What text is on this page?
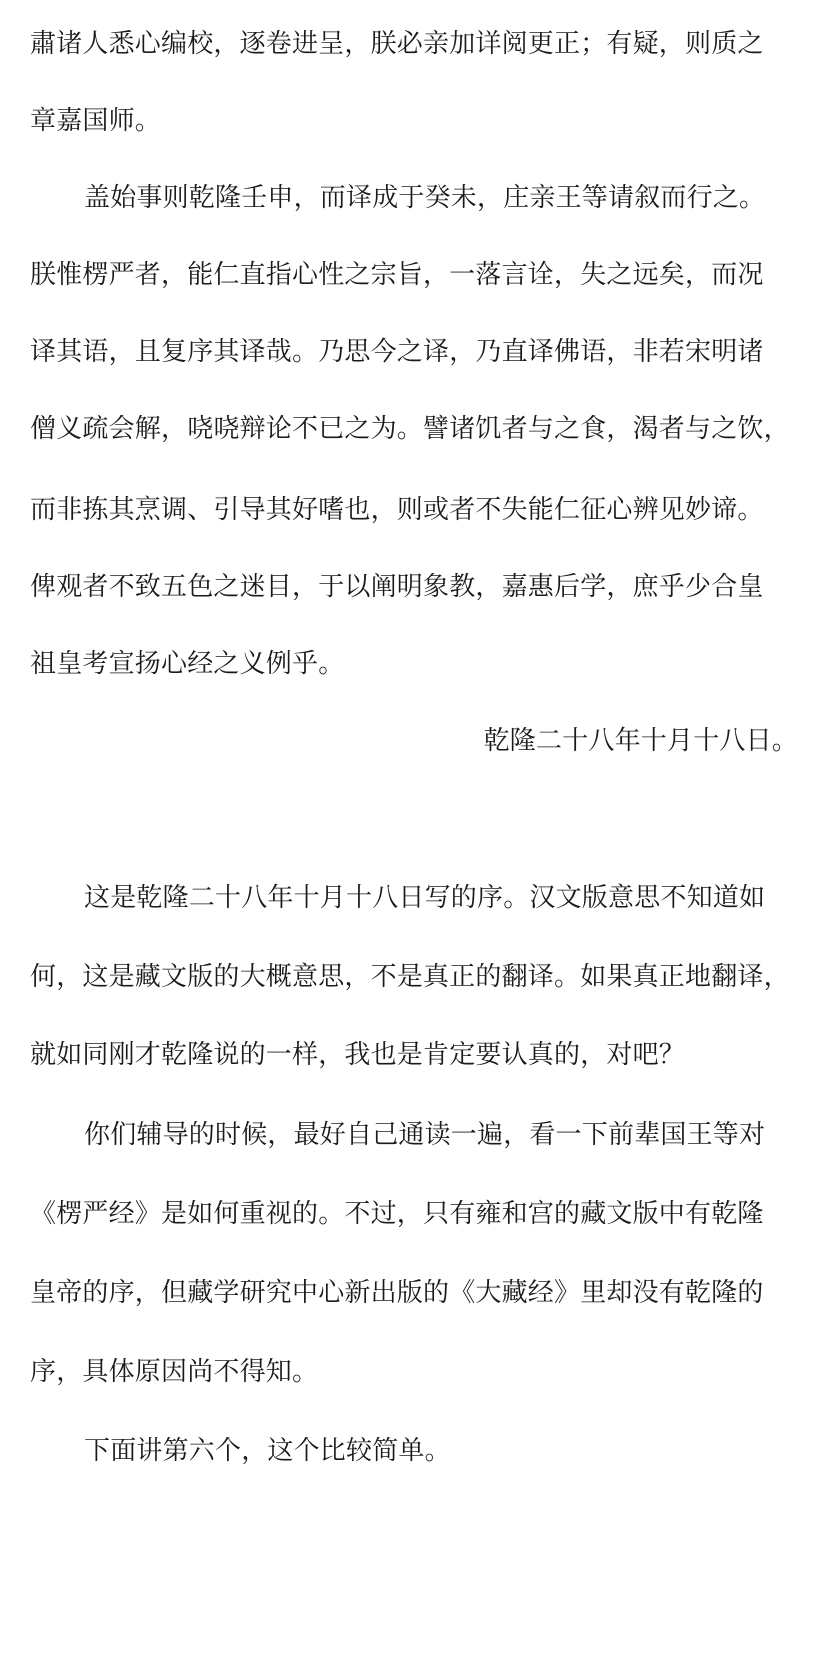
肅诸人悉心编校，逐卷进呈，朕必亲加详阅更正；有疑，则质之
章嘉国师。
盖始事则乾隆壬申，而译成于癸未，庄亲王等请叙而行之。
朕惟楞严者，能仁直指心性之宗旨，一落言诠，失之远矣，而况
译其语，且复序其译哉。乃思今之译，乃直译佛语，非若宋明诸
僧义疏会解，哓哓辩论不已之为。譬诸饥者与之食，渴者与之饮，
而非拣其烹调、引导其好嗜也，则或者不失能仁征心辨见妙谛。
俾观者不致五色之迷目，于以阐明象教，嘉惠后学，庶乎少合皇
祖皇考宣扬心经之义例乎。
乾隆二十八年十月十八日。
这是乾隆二十八年十月十八日写的序。汉文版意思不知道如
何，这是藏文版的大概意思，不是真正的翻译。如果真正地翻译，
就如同刚才乾隆说的一样，我也是肯定要认真的，对吧？
你们辅导的时候，最好自己通读一遍，看一下前辈国王等对
《楞严经》是如何重视的。不过，只有雍和宫的藏文版中有乾隆
皇帝的序，但藏学研究中心新出版的《大藏经》里却没有乾隆的
序，具体原因尚不得知。
下面讲第六个，这个比较简单。
